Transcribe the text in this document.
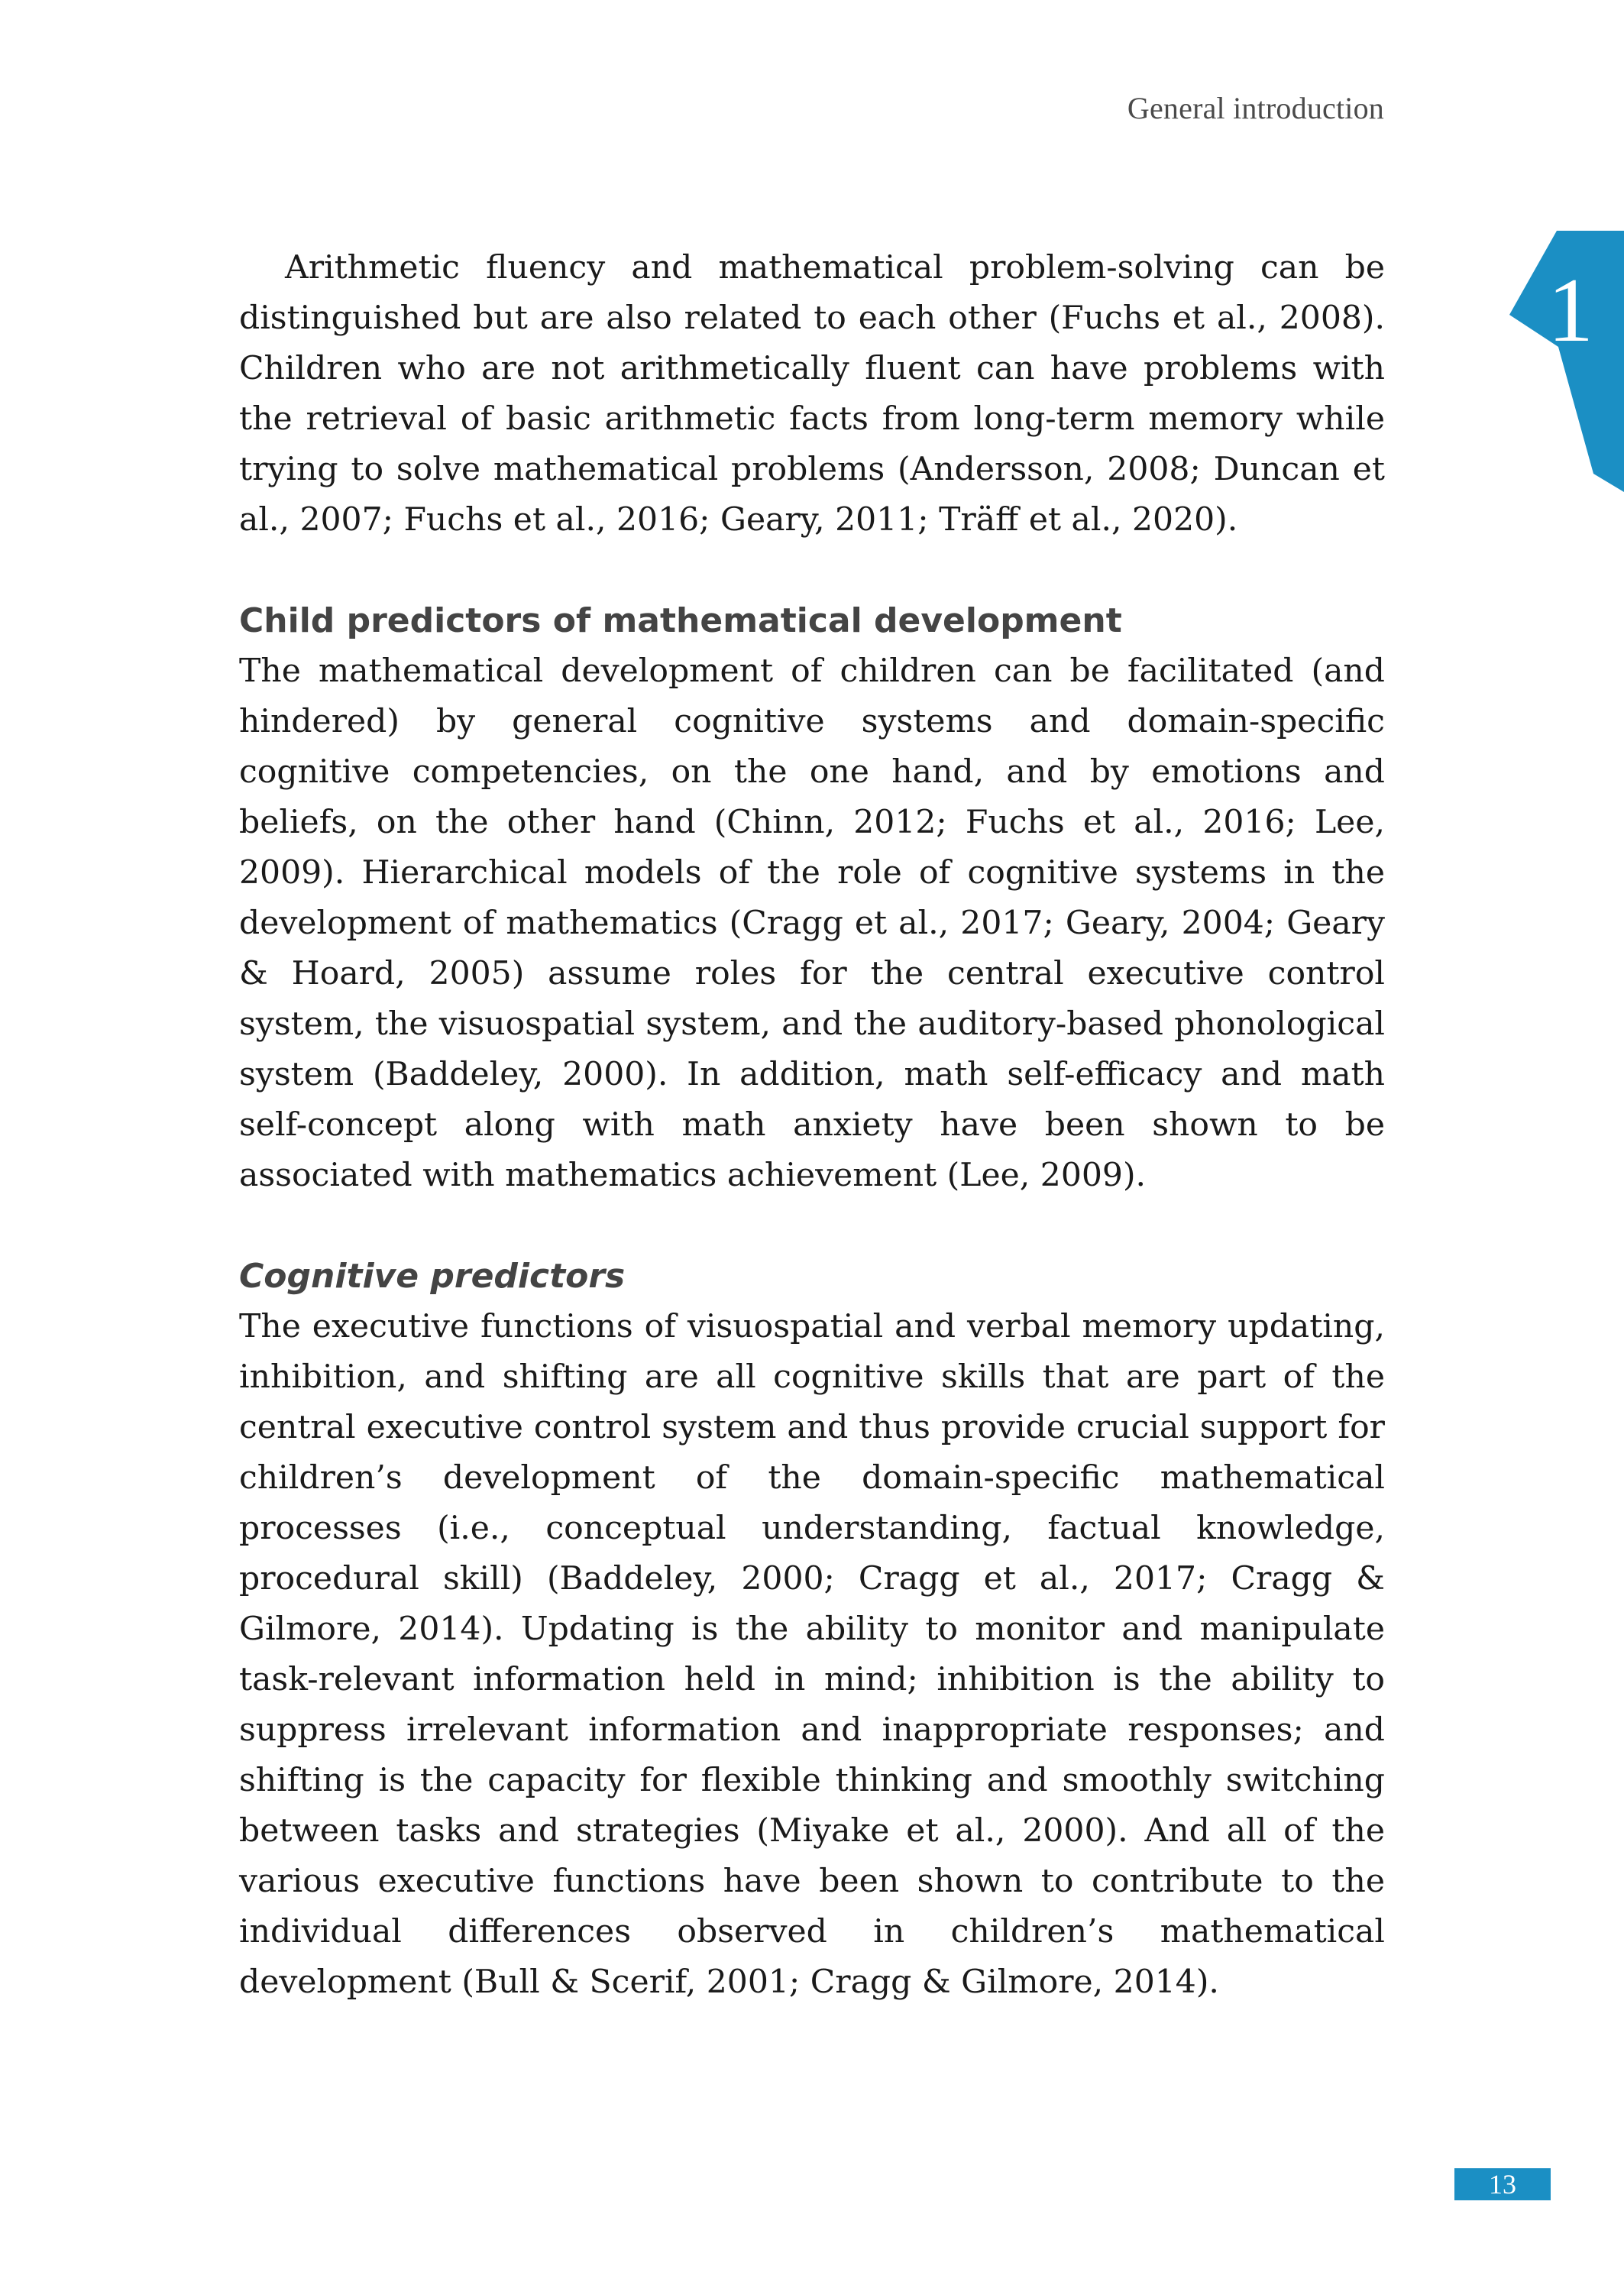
General introduction
1

Arithmetic fluency and mathematical problem-solving can be distinguished but are also related to each other (Fuchs et al., 2008). Children who are not arithmetically fluent can have problems with the retrieval of basic arithmetic facts from long-term memory while trying to solve mathematical problems (Andersson, 2008; Duncan et al., 2007; Fuchs et al., 2016; Geary, 2011; Träff et al., 2020).

Child predictors of mathematical development

The mathematical development of children can be facilitated (and hindered) by general cognitive systems and domain-specific cognitive competencies, on the one hand, and by emotions and beliefs, on the other hand (Chinn, 2012; Fuchs et al., 2016; Lee, 2009). Hierarchical models of the role of cognitive systems in the development of mathematics (Cragg et al., 2017; Geary, 2004; Geary & Hoard, 2005) assume roles for the central executive control system, the visuospatial system, and the auditory-based phonological system (Baddeley, 2000). In addition, math self-efficacy and math self-concept along with math anxiety have been shown to be associated with mathematics achievement (Lee, 2009).

Cognitive predictors

The executive functions of visuospatial and verbal memory updating, inhibition, and shifting are all cognitive skills that are part of the central executive control system and thus provide crucial support for children’s development of the domain-specific mathematical processes (i.e., conceptual understanding, factual knowledge, procedural skill) (Baddeley, 2000; Cragg et al., 2017; Cragg & Gilmore, 2014). Updating is the ability to monitor and manipulate task-relevant information held in mind; inhibition is the ability to suppress irrelevant information and inappropriate responses; and shifting is the capacity for flexible thinking and smoothly switching between tasks and strategies (Miyake et al., 2000). And all of the various executive functions have been shown to contribute to the individual differences observed in children’s mathematical development (Bull & Scerif, 2001; Cragg & Gilmore, 2014).

13
